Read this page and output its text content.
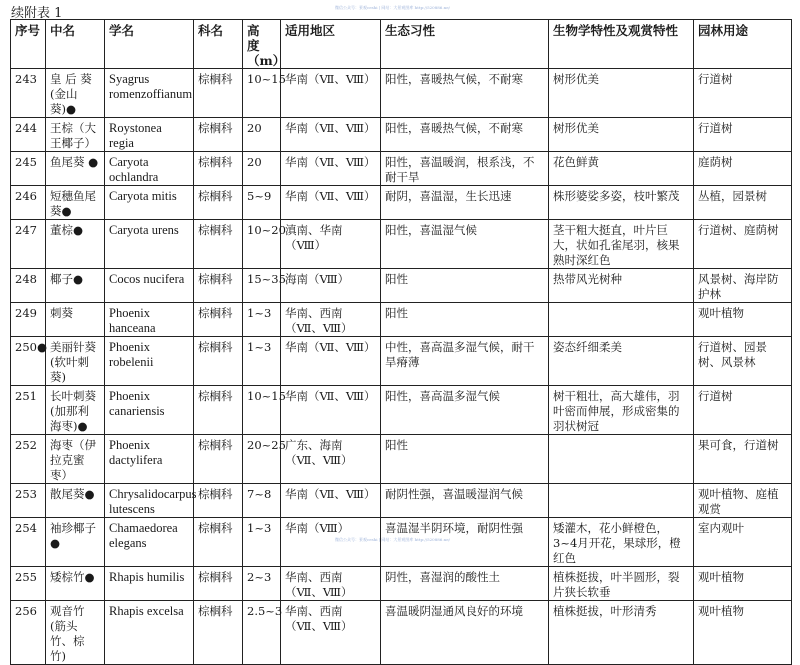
续附表 1	微信公众号：景观ceshi | 网站：大景观图库 http://520886.ne/
序号	中名	学名	科名	高 度（m）	适用地区	生态习性	生物学特性及观赏特性	园林用途
243	皇 后 葵(金山葵)●	Syagrus romenzoffianum	棕榈科	10~15	华南（Ⅶ、Ⅷ）	阳性，喜暖热气候，不耐寒	树形优美	行道树
244	王棕（大王椰子）	Roystonea regia	棕榈科	20	华南（Ⅶ、Ⅷ）	阳性，喜暖热气候，不耐寒	树形优美	行道树
245	鱼尾葵 ●	Caryota ochlandra	棕榈科	20	华南（Ⅶ、Ⅷ）	阳性，喜温暖润，根系浅，不耐干旱	花色鲜黄	庭荫树
246	短穗鱼尾葵●	Caryota mitis	棕榈科	5~9	华南（Ⅶ、Ⅷ）	耐阴，喜温湿，生长迅速	株形婆娑多姿，枝叶繁茂	丛植，园景树
247	董棕●	Caryota urens	棕榈科	10~20	滇南、华南（Ⅷ）	阳性，喜温湿气候	茎干粗大挺直，叶片巨大，状如孔雀尾羽，核果熟时深红色	行道树、庭荫树
248	椰子●	Cocos nucifera	棕榈科	15~35	海南（Ⅷ）	阳性	热带风光树种	风景树、海岸防护林
249	刺葵	Phoenix hanceana	棕榈科	1~3	华南、西南（Ⅶ、Ⅷ）	阳性		观叶植物
250●	美丽针葵(软叶刺葵)	Phoenix robelenii	棕榈科	1~3	华南（Ⅶ、Ⅷ）	中性，喜高温多湿气候，耐干旱瘠薄	姿态纤细柔美	行道树、园景树、风景林
251	长叶刺葵(加那利海枣)●	Phoenix canariensis	棕榈科	10~15	华南（Ⅶ、Ⅷ）	阳性，喜高温多湿气候	树干粗壮，高大雄伟，羽叶密而伸展，形成密集的羽状树冠	行道树
252	海枣（伊拉克蜜枣）	Phoenix dactylifera	棕榈科	20~25	广东、海南（Ⅶ、Ⅷ）	阳性		果可食，行道树
253	散尾葵●	Chrysalidocarpus lutescens	棕榈科	7~8	华南（Ⅶ、Ⅷ）	耐阴性强，喜温暖湿润气候		观叶植物、庭植观赏
254	袖珍椰子●	Chamaedorea elegans	棕榈科	1~3	华南（Ⅷ）	喜温湿半阴环境，耐阴性强	矮灌木，花小鲜橙色，3~4月开花，果球形，橙红色	室内观叶
255	矮棕竹●	Rhapis humilis	棕榈科	2~3	华南、西南（Ⅶ、Ⅷ）	阴性，喜湿润的酸性土	植株挺拔，叶半圆形，裂片狭长软垂	观叶植物
256	观音竹(筋头竹、棕竹)	Rhapis excelsa	棕榈科	2.5~3	华南、西南（Ⅶ、Ⅷ）	喜温暖阴湿通风良好的环境	植株挺拔，叶形清秀	观叶植物
微信公众号：景观ceshi | 网站：大景观图库 http://520886.ne/
